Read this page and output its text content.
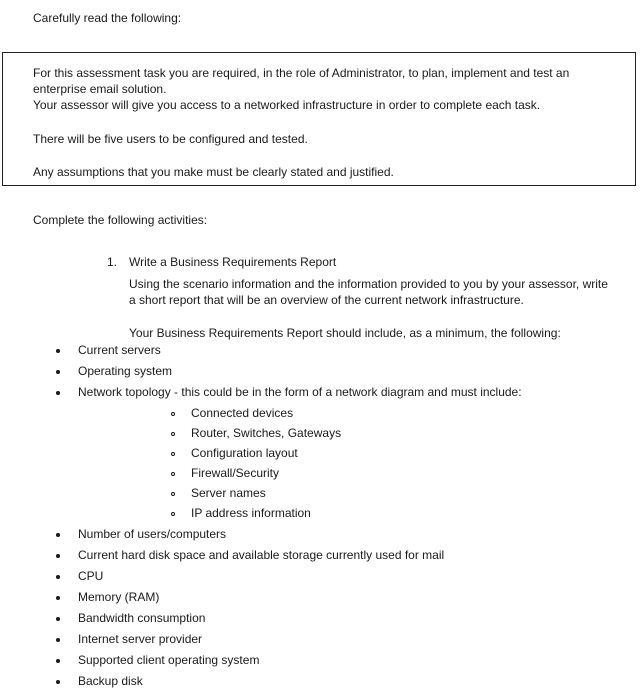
Carefully read the following:
For this assessment task you are required, in the role of Administrator, to plan, implement and test an
enterprise email solution.
Your assessor will give you access to a networked infrastructure in order to complete each task.
There will be five users to be configured and tested.
Any assumptions that you make must be clearly stated and justified.
Complete the following activities:
1. Write a Business Requirements Report
Using the scenario information and the information provided to you by your assessor, write
a short report that will be an overview of the current network infrastructure.
Your Business Requirements Report should include, as a minimum, the following:
Current servers
Operating system
Network topology - this could be in the form of a network diagram and must include:
Connected devices
Router, Switches, Gateways
Configuration layout
Firewall/Security
Server names
IP address information
Number of users/computers
Current hard disk space and available storage currently used for mail
CPU
Memory (RAM)
Bandwidth consumption
Internet server provider
Supported client operating system
Backup disk
